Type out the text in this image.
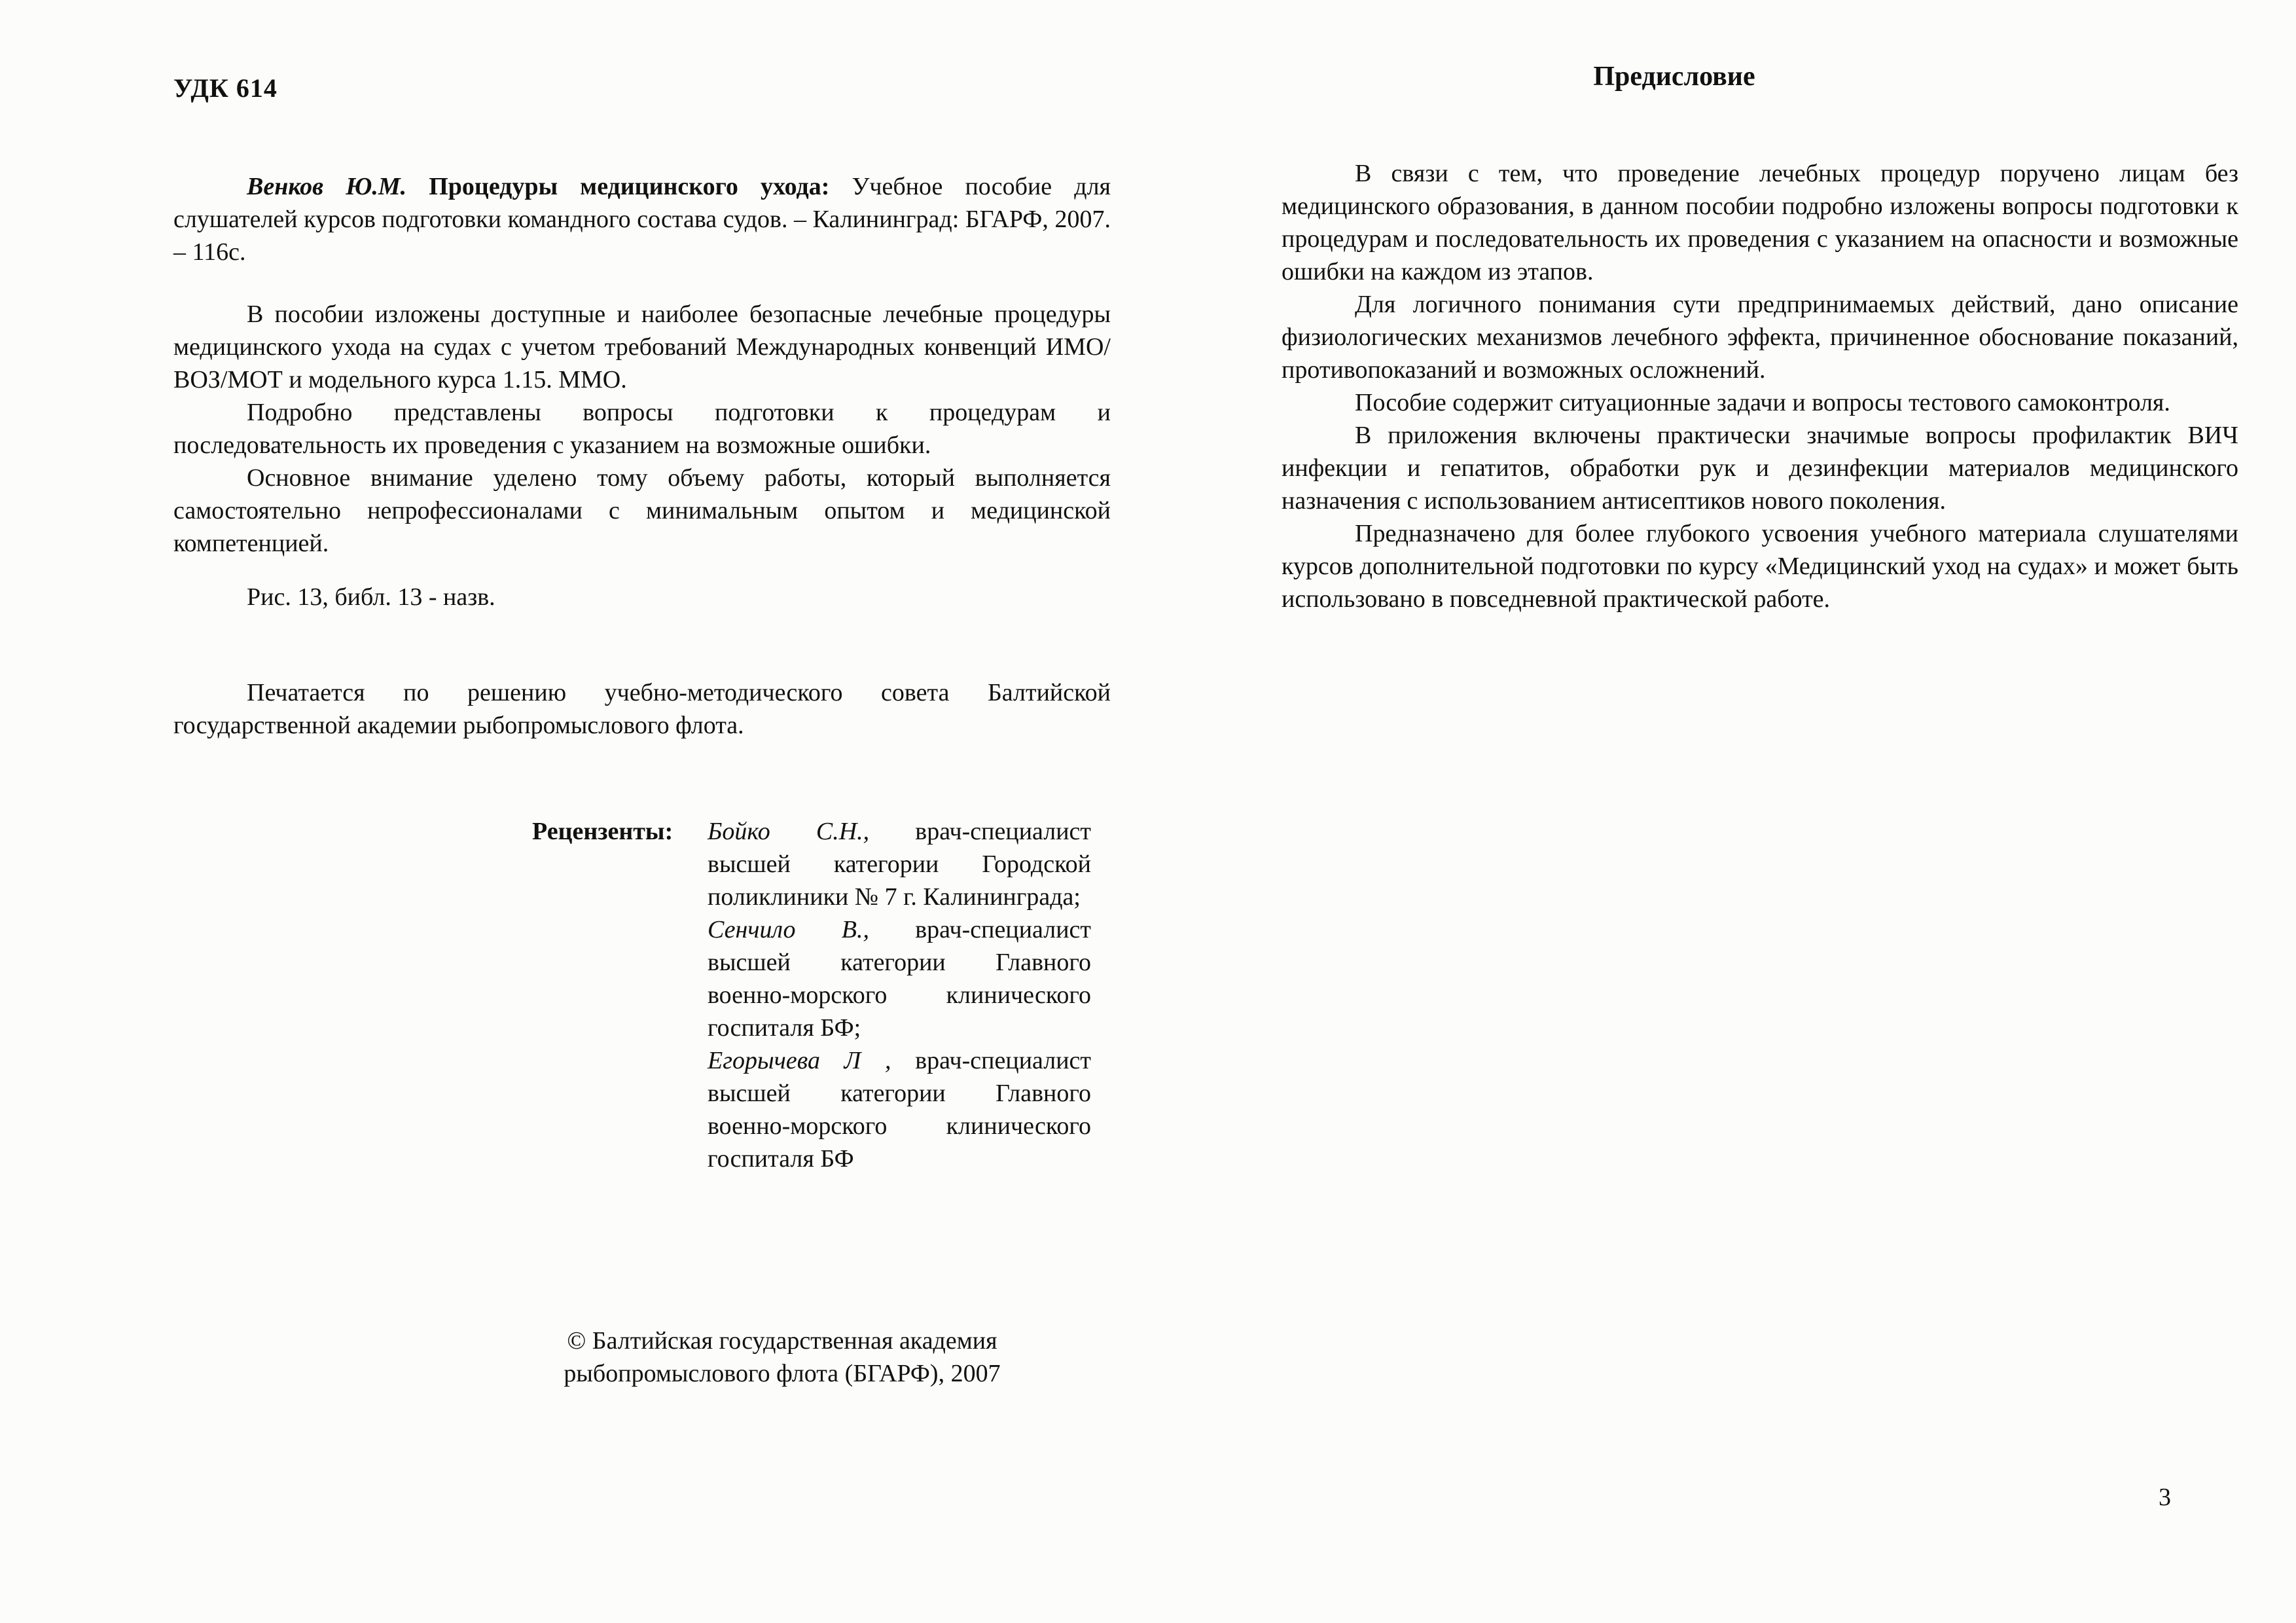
УДК 614

Венков Ю.М. Процедуры медицинского ухода: Учебное пособие для слушателей курсов подготовки командного состава судов. – Калининград: БГАРФ, 2007. – 116с.

В пособии изложены доступные и наиболее безопасные лечебные процедуры медицинского ухода на судах с учетом требований Международных конвенций ИМО/ВОЗ/МОТ и модельного курса 1.15. ММО.

Подробно представлены вопросы подготовки к процедурам и последовательность их проведения с указанием на возможные ошибки.

Основное внимание уделено тому объему работы, который выполняется самостоятельно непрофессионалами с минимальным опытом и медицинской компетенцией.

Рис. 13, библ. 13 - назв.

Печатается по решению учебно-методического совета Балтийской государственной академии рыбопромыслового флота.

Рецензенты:	Бойко С.Н., врач-специалист высшей категории Городской поликлиники № 7 г. Калининграда;

Сенчило В., врач-специалист высшей категории Главного военно-морского клинического госпиталя БФ;

Егорычева Л , врач-специалист высшей категории Главного военно-морского клинического госпиталя БФ

© Балтийская государственная академия

рыбопромыслового флота (БГАРФ), 2007

Предисловие

В связи с тем, что проведение лечебных процедур поручено лицам без медицинского образования, в данном пособии подробно изложены вопросы подготовки к процедурам и последовательность их проведения с указанием на опасности и возможные ошибки на каждом из этапов.

Для логичного понимания сути предпринимаемых действий, дано описание физиологических механизмов лечебного эффекта, причиненное обоснование показаний, противопоказаний и возможных осложнений.

Пособие содержит ситуационные задачи и вопросы тестового самоконтроля.

В приложения включены практически значимые вопросы профилактик ВИЧ инфекции и гепатитов, обработки рук и дезинфекции материалов медицинского назначения с использованием антисептиков нового поколения.

Предназначено для более глубокого усвоения учебного материала слушателями курсов дополнительной подготовки по курсу «Медицинский уход на судах» и может быть использовано в повседневной практической работе.

3
